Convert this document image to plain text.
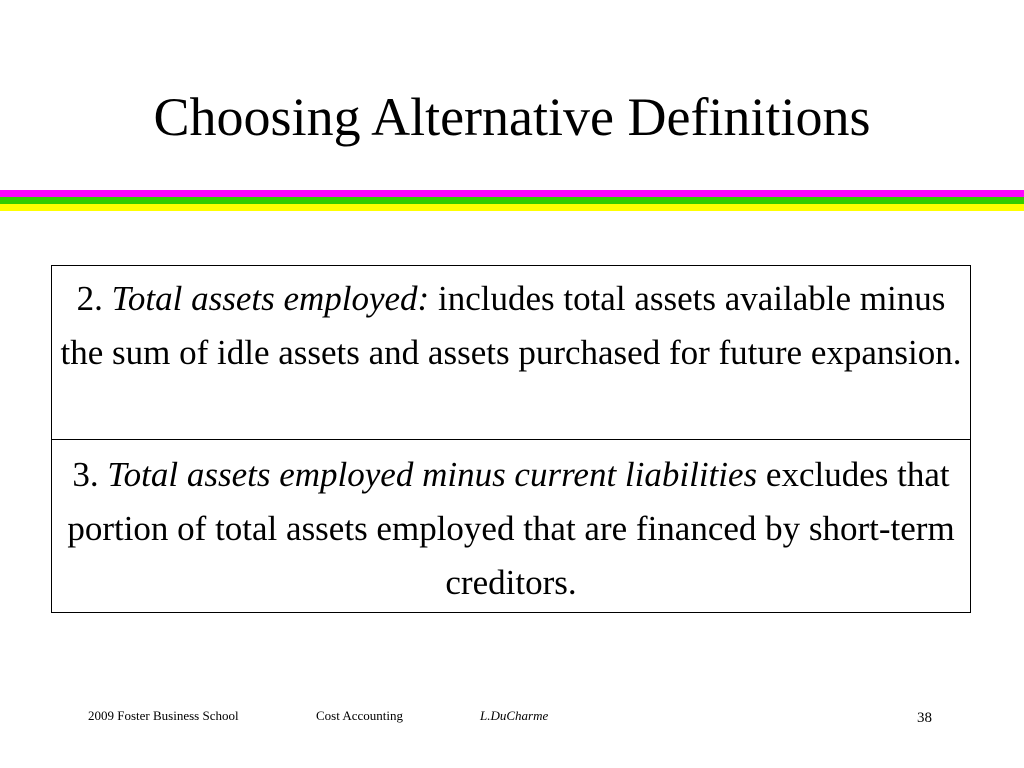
Choosing Alternative Definitions
2. Total assets employed: includes total assets available minus the sum of idle assets and assets purchased for future expansion.
3. Total assets employed minus current liabilities excludes that portion of total assets employed that are financed by short-term creditors.
2009 Foster Business School	Cost Accounting	L.DuCharme	38
